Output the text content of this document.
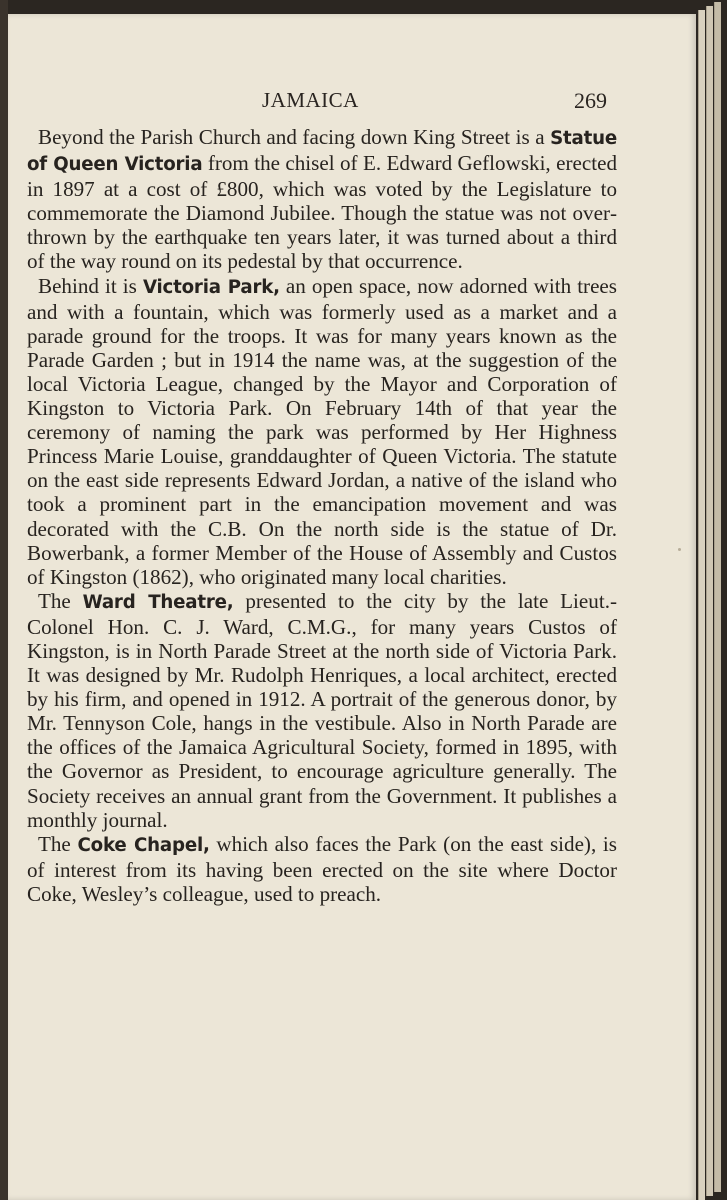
JAMAICA	269

Beyond the Parish Church and facing down King Street is a Statue of Queen Victoria from the chisel of E. Edward Geflowski, erected in 1897 at a cost of £800, which was voted by the Legislature to commemorate the Diamond Jubilee. Though the statue was not overthrown by the earthquake ten years later, it was turned about a third of the way round on its pedestal by that occurrence.

Behind it is Victoria Park, an open space, now adorned with trees and with a fountain, which was formerly used as a market and a parade ground for the troops. It was for many years known as the Parade Garden ; but in 1914 the name was, at the suggestion of the local Victoria League, changed by the Mayor and Corporation of Kingston to Victoria Park. On February 14th of that year the ceremony of naming the park was performed by Her Highness Princess Marie Louise, granddaughter of Queen Victoria. The statute on the east side represents Edward Jordan, a native of the island who took a prominent part in the emancipation movement and was decorated with the C.B. On the north side is the statue of Dr. Bowerbank, a former Member of the House of Assembly and Custos of Kingston (1862), who originated many local charities.

The Ward Theatre, presented to the city by the late Lieut.-Colonel Hon. C. J. Ward, C.M.G., for many years Custos of Kingston, is in North Parade Street at the north side of Victoria Park. It was designed by Mr. Rudolph Henriques, a local architect, erected by his firm, and opened in 1912. A portrait of the generous donor, by Mr. Tennyson Cole, hangs in the vestibule. Also in North Parade are the offices of the Jamaica Agricultural Society, formed in 1895, with the Governor as President, to encourage agriculture generally. The Society receives an annual grant from the Government. It publishes a monthly journal.

The Coke Chapel, which also faces the Park (on the east side), is of interest from its having been erected on the site where Doctor Coke, Wesley’s colleague, used to preach.
